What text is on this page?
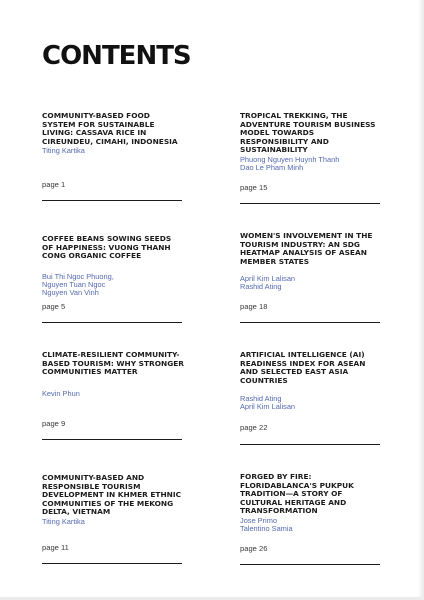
CONTENTS

COMMUNITY-BASED FOOD SYSTEM FOR SUSTAINABLE LIVING: CASSAVA RICE IN CIREUNDEU, CIMAHI, INDONESIA

Titing Kartika
page 1

TROPICAL TREKKING, THE ADVENTURE TOURISM BUSINESS MODEL TOWARDS RESPONSIBILITY AND SUSTAINABILITY

Phuong Nguyen Huynh Thanh
Dao Le Pham Minh
page 15

COFFEE BEANS SOWING SEEDS OF HAPPINESS: VUONG THANH CONG ORGANIC COFFEE

Bui Thi Ngoc Phuong,
Nguyen Tuan Ngoc
Nguyen Van Vinh
page 5

WOMEN'S INVOLVEMENT IN THE TOURISM INDUSTRY: AN SDG HEATMAP ANALYSIS OF ASEAN MEMBER STATES

April Kim Lalisan
Rashid Ating
page 18

CLIMATE-RESILIENT COMMUNITY-BASED TOURISM: WHY STRONGER COMMUNITIES MATTER

Kevin Phun
page 9

ARTIFICIAL INTELLIGENCE (AI) READINESS INDEX FOR ASEAN AND SELECTED EAST ASIA COUNTRIES

Rashid Ating
April Kim Lalisan
page 22

COMMUNITY-BASED AND RESPONSIBLE TOURISM DEVELOPMENT IN KHMER ETHNIC COMMUNITIES OF THE MEKONG DELTA, VIETNAM

Titing Kartika
page 11

FORGED BY FIRE: FLORIDABLANCA'S PUKPUK TRADITION—A STORY OF CULTURAL HERITAGE AND TRANSFORMATION

Jose Primo
Talentino Samia
page 26
